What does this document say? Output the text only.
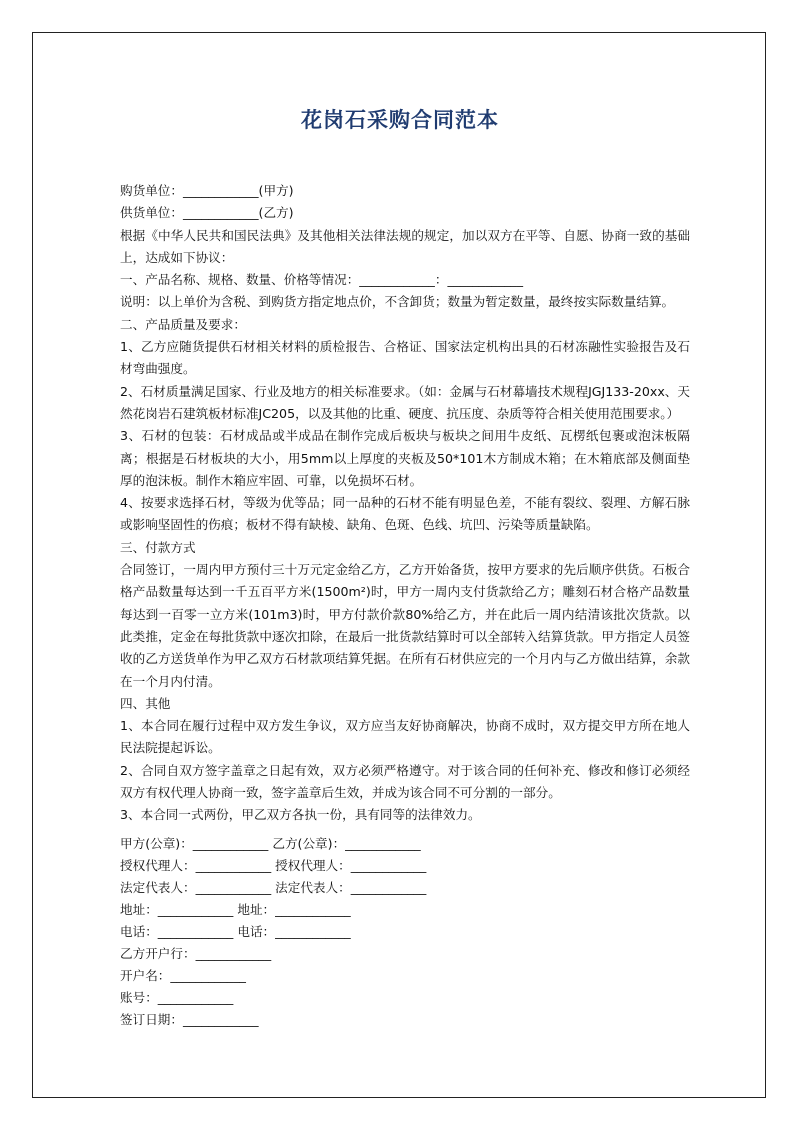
花岗石采购合同范本

购货单位：____________(甲方)

供货单位：____________(乙方)

根据《中华人民共和国民法典》及其他相关法律法规的规定，加以双方在平等、自愿、协商一致的基础上，达成如下协议：

一、产品名称、规格、数量、价格等情况：____________：____________

说明：以上单价为含税、到购货方指定地点价，不含卸货；数量为暂定数量，最终按实际数量结算。

二、产品质量及要求：

1、乙方应随货提供石材相关材料的质检报告、合格证、国家法定机构出具的石材冻融性实验报告及石材弯曲强度。

2、石材质量满足国家、行业及地方的相关标准要求。（如：金属与石材幕墙技术规程JGJ133-20xx、天然花岗岩石建筑板材标准JC205，以及其他的比重、硬度、抗压度、杂质等符合相关使用范围要求。）

3、石材的包装：石材成品或半成品在制作完成后板块与板块之间用牛皮纸、瓦楞纸包裹或泡沫板隔离；根据是石材板块的大小，用5mm以上厚度的夹板及50*101木方制成木箱；在木箱底部及侧面垫厚的泡沫板。制作木箱应牢固、可靠，以免损坏石材。

4、按要求选择石材，等级为优等品；同一品种的石材不能有明显色差，不能有裂纹、裂理、方解石脉或影响坚固性的伤痕；板材不得有缺棱、缺角、色斑、色线、坑凹、污染等质量缺陷。

三、付款方式

合同签订，一周内甲方预付三十万元定金给乙方，乙方开始备货，按甲方要求的先后顺序供货。石板合格产品数量每达到一千五百平方米(1500m²)时，甲方一周内支付货款给乙方；雕刻石材合格产品数量每达到一百零一立方米(101m3)时，甲方付款价款80%给乙方，并在此后一周内结清该批次货款。以此类推，定金在每批货款中逐次扣除，在最后一批货款结算时可以全部转入结算货款。甲方指定人员签收的乙方送货单作为甲乙双方石材款项结算凭据。在所有石材供应完的一个月内与乙方做出结算，余款在一个月内付清。

四、其他

1、本合同在履行过程中双方发生争议，双方应当友好协商解决，协商不成时，双方提交甲方所在地人民法院提起诉讼。

2、合同自双方签字盖章之日起有效，双方必须严格遵守。对于该合同的任何补充、修改和修订必须经双方有权代理人协商一致，签字盖章后生效，并成为该合同不可分割的一部分。

3、本合同一式两份，甲乙双方各执一份，具有同等的法律效力。

甲方(公章)：____________ 乙方(公章)：____________
授权代理人：____________ 授权代理人：____________
法定代表人：____________ 法定代表人：____________
地址：____________ 地址：____________
电话：____________ 电话：____________
乙方开户行：____________
开户名：____________
账号：____________
签订日期：____________
